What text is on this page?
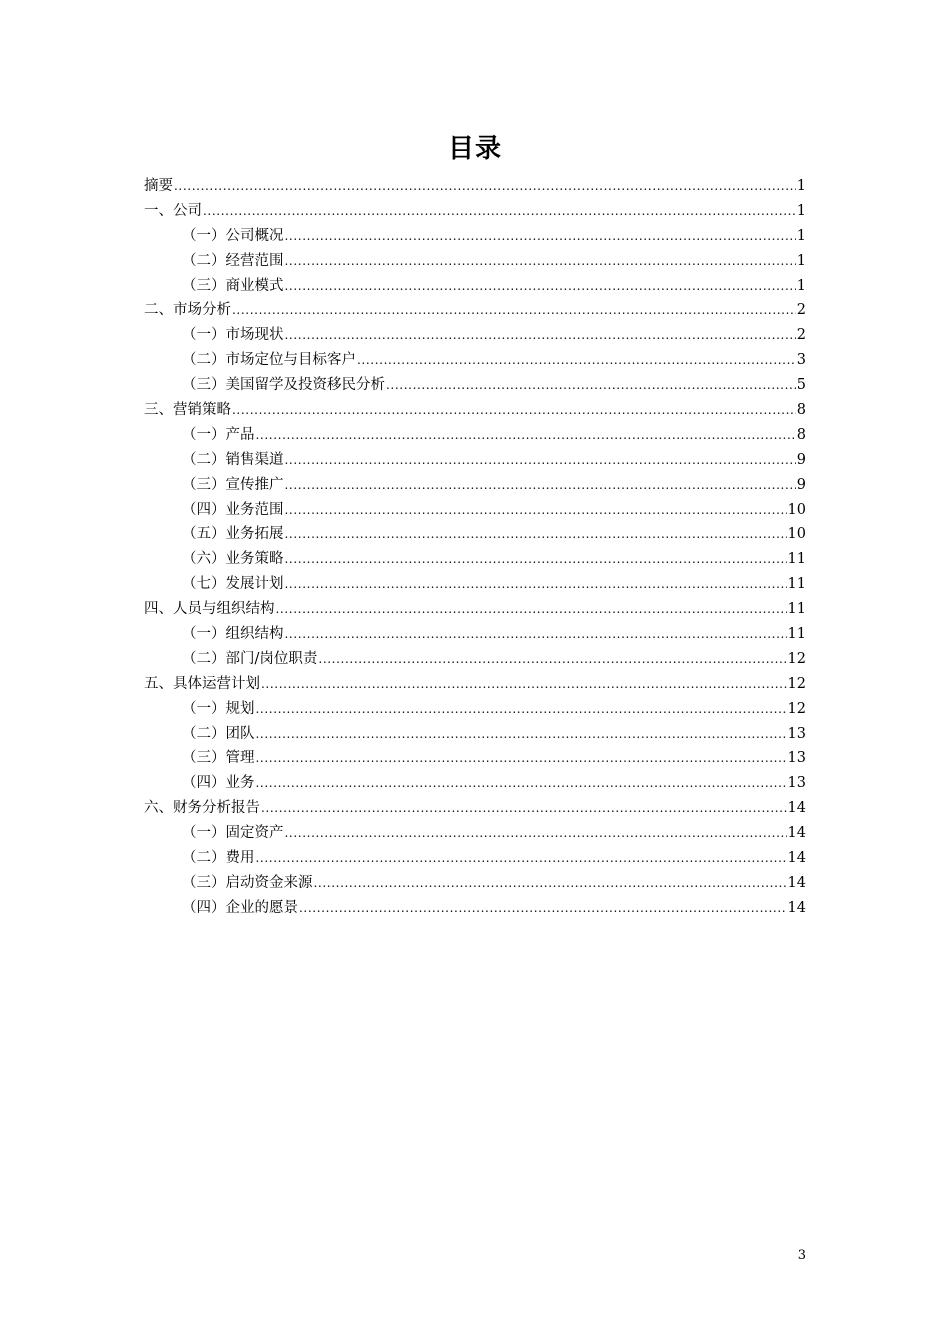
目录
摘要 . . .	1
一、公司 . . .	1
（一）公司概况 . . .	1
（二）经营范围 . . .	1
（三）商业模式 . . .	1
二、市场分析 . . .	2
（一）市场现状 . . .	2
（二）市场定位与目标客户 . . .	3
（三）美国留学及投资移民分析 . . .	5
三、营销策略 . . .	8
（一）产品 . . .	8
（二）销售渠道 . . .	9
（三）宣传推广 . . .	9
（四）业务范围 . . .	10
（五）业务拓展 . . .	10
（六）业务策略 . . .	11
（七）发展计划 . . .	11
四、人员与组织结构 . . .	11
（一）组织结构 . . .	11
（二）部门/岗位职责 . . .	12
五、具体运营计划 . . .	12
（一）规划 . . .	12
（二）团队 . . .	13
（三）管理 . . .	13
（四）业务 . . .	13
六、财务分析报告 . . .	14
（一）固定资产 . . .	14
（二）费用 . . .	14
（三）启动资金来源 . . .	14
（四）企业的愿景 . . .	14
3
